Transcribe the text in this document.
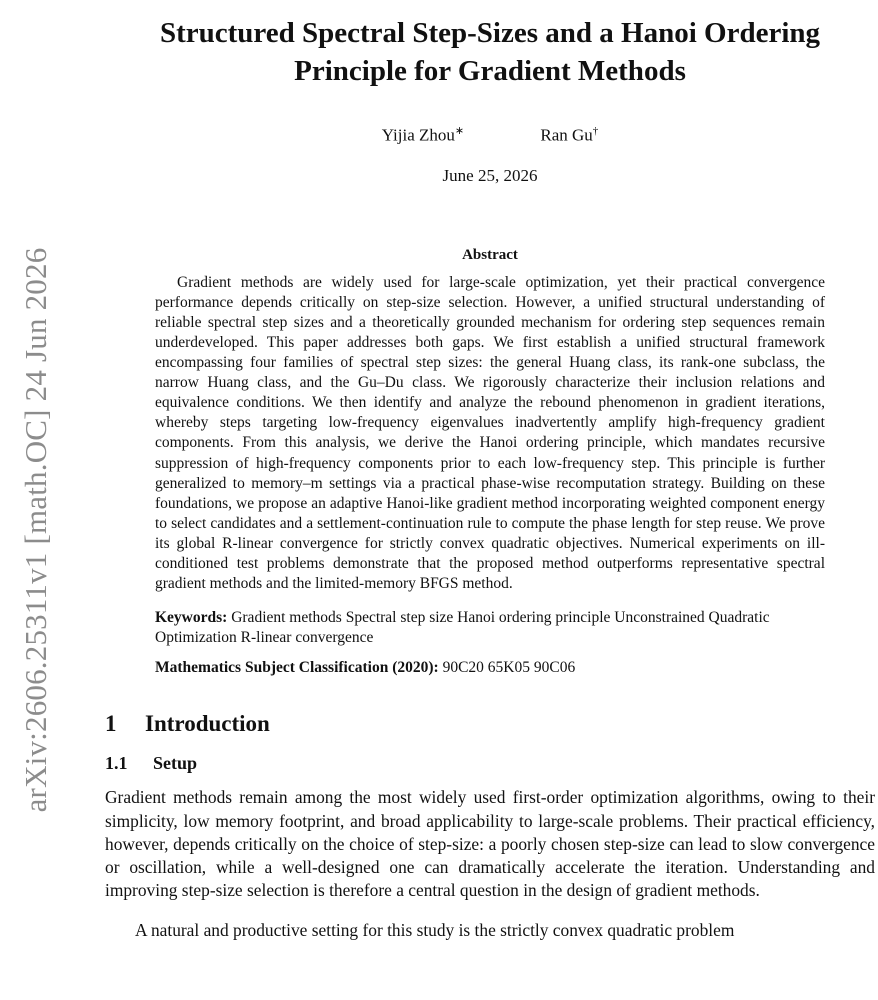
arXiv:2606.25311v1 [math.OC] 24 Jun 2026
Structured Spectral Step-Sizes and a Hanoi Ordering Principle for Gradient Methods
Yijia Zhou∗	Ran Gu†
June 25, 2026
Abstract
Gradient methods are widely used for large-scale optimization, yet their practical convergence performance depends critically on step-size selection. However, a unified structural understanding of reliable spectral step sizes and a theoretically grounded mechanism for ordering step sequences remain underdeveloped. This paper addresses both gaps. We first establish a unified structural framework encompassing four families of spectral step sizes: the general Huang class, its rank-one subclass, the narrow Huang class, and the Gu–Du class. We rigorously characterize their inclusion relations and equivalence conditions. We then identify and analyze the rebound phenomenon in gradient iterations, whereby steps targeting low-frequency eigenvalues inadvertently amplify high-frequency gradient components. From this analysis, we derive the Hanoi ordering principle, which mandates recursive suppression of high-frequency components prior to each low-frequency step. This principle is further generalized to memory–m settings via a practical phase-wise recomputation strategy. Building on these foundations, we propose an adaptive Hanoi-like gradient method incorporating weighted component energy to select candidates and a settlement-continuation rule to compute the phase length for step reuse. We prove its global R-linear convergence for strictly convex quadratic objectives. Numerical experiments on ill-conditioned test problems demonstrate that the proposed method outperforms representative spectral gradient methods and the limited-memory BFGS method.
Keywords: Gradient methods Spectral step size Hanoi ordering principle Unconstrained Quadratic Optimization R-linear convergence
Mathematics Subject Classification (2020): 90C20 65K05 90C06
1 Introduction
1.1 Setup

Gradient methods remain among the most widely used first-order optimization algorithms, owing to their simplicity, low memory footprint, and broad applicability to large-scale problems. Their practical efficiency, however, depends critically on the choice of step-size: a poorly chosen step-size can lead to slow convergence or oscillation, while a well-designed one can dramatically accelerate the iteration. Understanding and improving step-size selection is therefore a central question in the design of gradient methods.

A natural and productive setting for this study is the strictly convex quadratic problem
